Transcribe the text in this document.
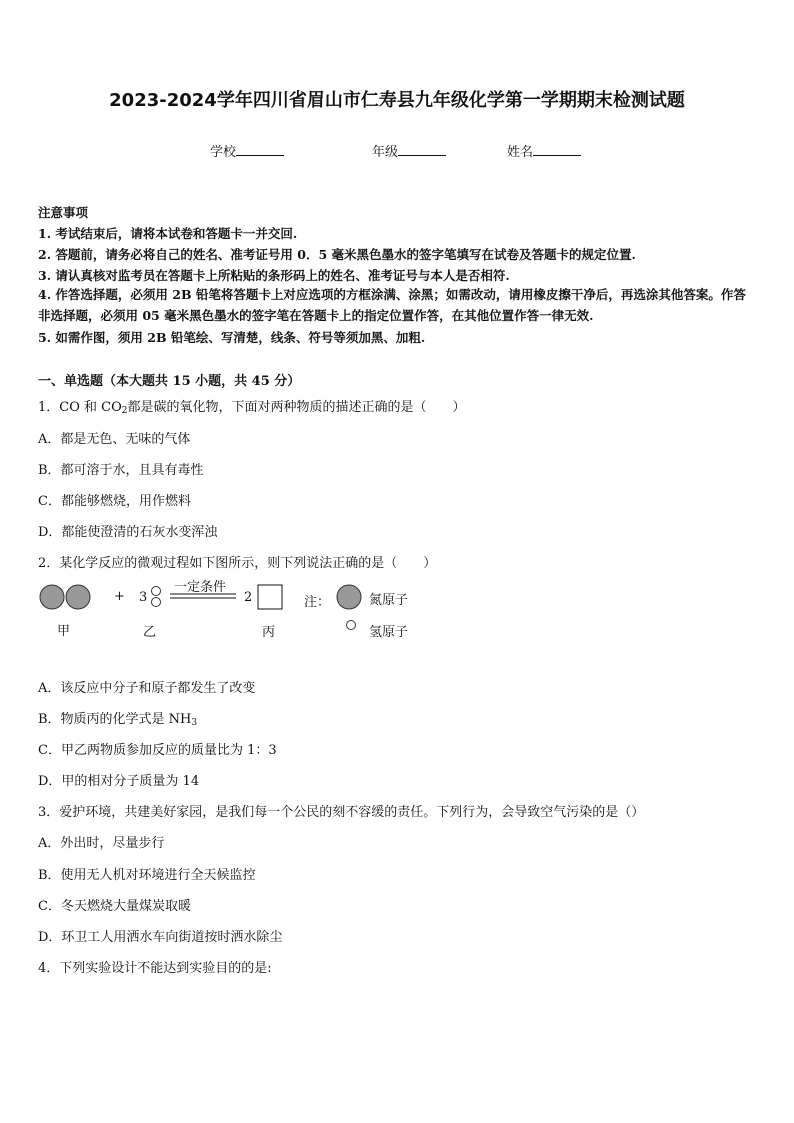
2023-2024学年四川省眉山市仁寿县九年级化学第一学期期末检测试题
学校	年级	姓名
注意事项
1. 考试结束后，请将本试卷和答题卡一并交回.
2. 答题前，请务必将自己的姓名、准考证号用 0．5 毫米黑色墨水的签字笔填写在试卷及答题卡的规定位置.
3. 请认真核对监考员在答题卡上所粘贴的条形码上的姓名、准考证号与本人是否相符.
4. 作答选择题，必须用 2B 铅笔将答题卡上对应选项的方框涂满、涂黑；如需改动，请用橡皮擦干净后，再选涂其他答案。作答非选择题，必须用 05 毫米黑色墨水的签字笔在答题卡上的指定位置作答，在其他位置作答一律无效.
5. 如需作图，须用 2B 铅笔绘、写清楚，线条、符号等须加黑、加粗.
一、单选题（本大题共 15 小题，共 45 分）
1．CO 和 $CO_2$都是碳的氧化物，下面对两种物质的描述正确的是（　　）
A．都是无色、无味的气体
B．都可溶于水，且具有毒性
C．都能够燃烧，用作燃料
D．都能使澄清的石灰水变浑浊
2．某化学反应的微观过程如下图所示，则下列说法正确的是（　　）
+ 3
一定条件
2	注：	氮原子
甲	乙	丙	氢原子
A．该反应中分子和原子都发生了改变
B．物质丙的化学式是 $NH_3$
C．甲乙两物质参加反应的质量比为 1：3
D．甲的相对分子质量为 14
3．爱护环境，共建美好家园，是我们每一个公民的刻不容缓的责任。下列行为，会导致空气污染的是（）
A．外出时，尽量步行
B．使用无人机对环境进行全天候监控
C．冬天燃烧大量煤炭取暖
D．环卫工人用洒水车向街道按时洒水除尘
4．下列实验设计不能达到实验目的的是:
